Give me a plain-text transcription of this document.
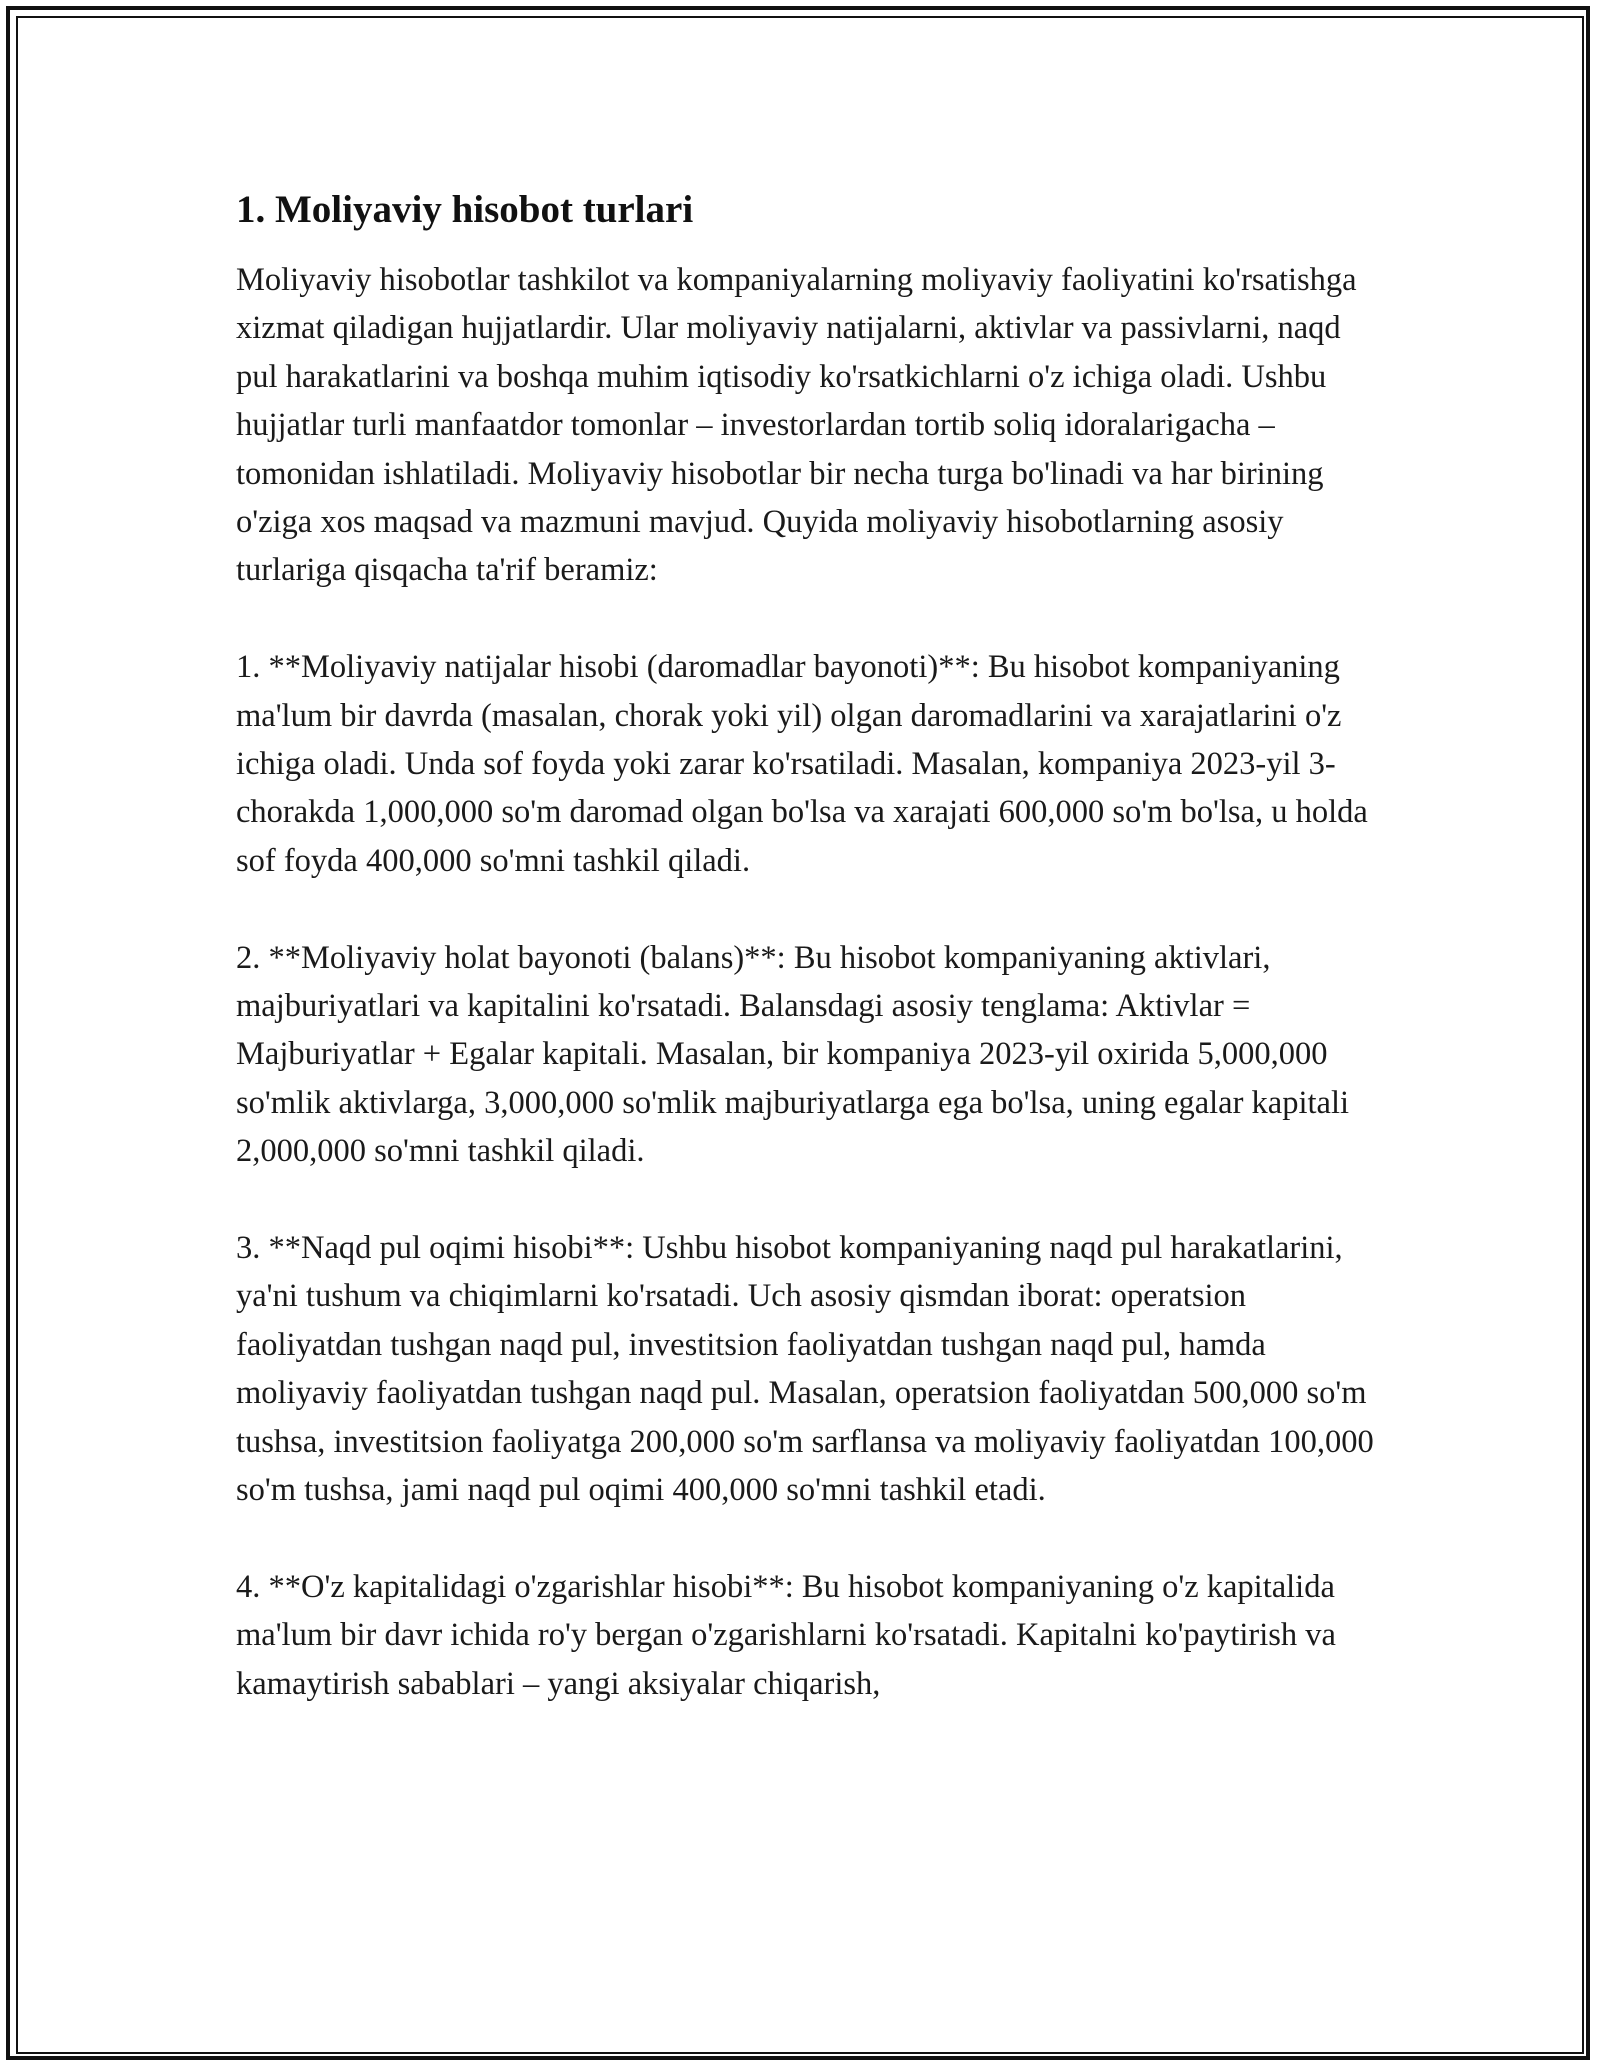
1. Moliyaviy hisobot turlari

Moliyaviy hisobotlar tashkilot va kompaniyalarning moliyaviy faoliyatini ko'rsatishga xizmat qiladigan hujjatlardir. Ular moliyaviy natijalarni, aktivlar va passivlarni, naqd pul harakatlarini va boshqa muhim iqtisodiy ko'rsatkichlarni o'z ichiga oladi. Ushbu hujjatlar turli manfaatdor tomonlar – investorlardan tortib soliq idoralarigacha – tomonidan ishlatiladi. Moliyaviy hisobotlar bir necha turga bo'linadi va har birining o'ziga xos maqsad va mazmuni mavjud. Quyida moliyaviy hisobotlarning asosiy turlariga qisqacha ta'rif beramiz:

1. **Moliyaviy natijalar hisobi (daromadlar bayonoti)**: Bu hisobot kompaniyaning ma'lum bir davrda (masalan, chorak yoki yil) olgan daromadlarini va xarajatlarini o'z ichiga oladi. Unda sof foyda yoki zarar ko'rsatiladi. Masalan, kompaniya 2023-yil 3-chorakda 1,000,000 so'm daromad olgan bo'lsa va xarajati 600,000 so'm bo'lsa, u holda sof foyda 400,000 so'mni tashkil qiladi.

2. **Moliyaviy holat bayonoti (balans)**: Bu hisobot kompaniyaning aktivlari, majburiyatlari va kapitalini ko'rsatadi. Balansdagi asosiy tenglama: Aktivlar = Majburiyatlar + Egalar kapitali. Masalan, bir kompaniya 2023-yil oxirida 5,000,000 so'mlik aktivlarga, 3,000,000 so'mlik majburiyatlarga ega bo'lsa, uning egalar kapitali 2,000,000 so'mni tashkil qiladi.

3. **Naqd pul oqimi hisobi**: Ushbu hisobot kompaniyaning naqd pul harakatlarini, ya'ni tushum va chiqimlarni ko'rsatadi. Uch asosiy qismdan iborat: operatsion faoliyatdan tushgan naqd pul, investitsion faoliyatdan tushgan naqd pul, hamda moliyaviy faoliyatdan tushgan naqd pul. Masalan, operatsion faoliyatdan 500,000 so'm tushsa, investitsion faoliyatga 200,000 so'm sarflansa va moliyaviy faoliyatdan 100,000 so'm tushsa, jami naqd pul oqimi 400,000 so'mni tashkil etadi.

4. **O'z kapitalidagi o'zgarishlar hisobi**: Bu hisobot kompaniyaning o'z kapitalida ma'lum bir davr ichida ro'y bergan o'zgarishlarni ko'rsatadi. Kapitalni ko'paytirish va kamaytirish sabablari – yangi aksiyalar chiqarish,
